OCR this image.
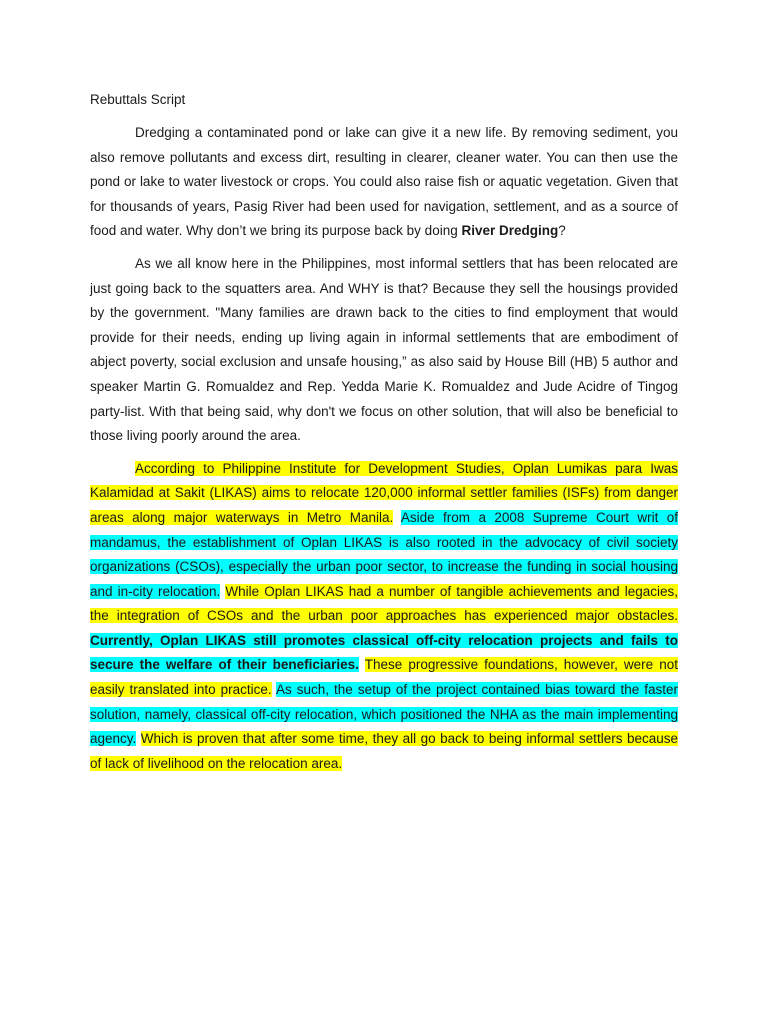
Rebuttals Script

Dredging a contaminated pond or lake can give it a new life. By removing sediment, you also remove pollutants and excess dirt, resulting in clearer, cleaner water. You can then use the pond or lake to water livestock or crops. You could also raise fish or aquatic vegetation. Given that for thousands of years, Pasig River had been used for navigation, settlement, and as a source of food and water. Why don’t we bring its purpose back by doing River Dredging?

As we all know here in the Philippines, most informal settlers that has been relocated are just going back to the squatters area. And WHY is that? Because they sell the housings provided by the government. "Many families are drawn back to the cities to find employment that would provide for their needs, ending up living again in informal settlements that are embodiment of abject poverty, social exclusion and unsafe housing,” as also said by House Bill (HB) 5 author and speaker Martin G. Romualdez and Rep. Yedda Marie K. Romualdez and Jude Acidre of Tingog party-list. With that being said, why don't we focus on other solution, that will also be beneficial to those living poorly around the area.

According to Philippine Institute for Development Studies, Oplan Lumikas para Iwas Kalamidad at Sakit (LIKAS) aims to relocate 120,000 informal settler families (ISFs) from danger areas along major waterways in Metro Manila. Aside from a 2008 Supreme Court writ of mandamus, the establishment of Oplan LIKAS is also rooted in the advocacy of civil society organizations (CSOs), especially the urban poor sector, to increase the funding in social housing and in-city relocation. While Oplan LIKAS had a number of tangible achievements and legacies, the integration of CSOs and the urban poor approaches has experienced major obstacles. Currently, Oplan LIKAS still promotes classical off-city relocation projects and fails to secure the welfare of their beneficiaries. These progressive foundations, however, were not easily translated into practice. As such, the setup of the project contained bias toward the faster solution, namely, classical off-city relocation, which positioned the NHA as the main implementing agency. Which is proven that after some time, they all go back to being informal settlers because of lack of livelihood on the relocation area.
